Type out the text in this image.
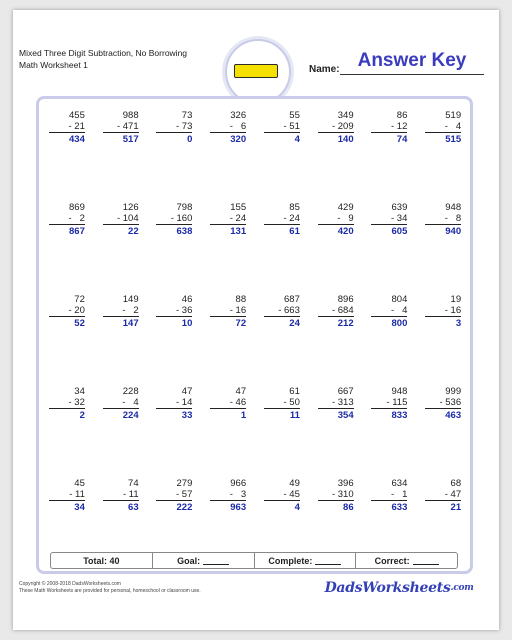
Mixed Three Digit Subtraction, No Borrowing
Math Worksheet 1	Name: Answer Key
455
- 21
434
988
- 471
517
73
- 73
0
326
-   6
320
55
- 51
4
349
- 209
140
86
- 12
74
519
-   4
515
869
-   2
867
126
- 104
22
798
- 160
638
155
- 24
131
85
- 24
61
429
-   9
420
639
- 34
605
948
-   8
940
72
- 20
52
149
-   2
147
46
- 36
10
88
- 16
72
687
- 663
24
896
- 684
212
804
-   4
800
19
- 16
3
34
- 32
2
228
-   4
224
47
- 14
33
47
- 46
1
61
- 50
11
667
- 313
354
948
- 115
833
999
- 536
463
45
- 11
34
74
- 11
63
279
- 57
222
966
-   3
963
49
- 45
4
396
- 310
86
634
-   1
633
68
- 47
21
Total: 40	Goal:	Complete:	Correct:
Copyright © 2008-2018 DadsWorksheets.com
These Math Worksheets are provided for personal, homeschool or classroom use.	DadsWorksheets .com
